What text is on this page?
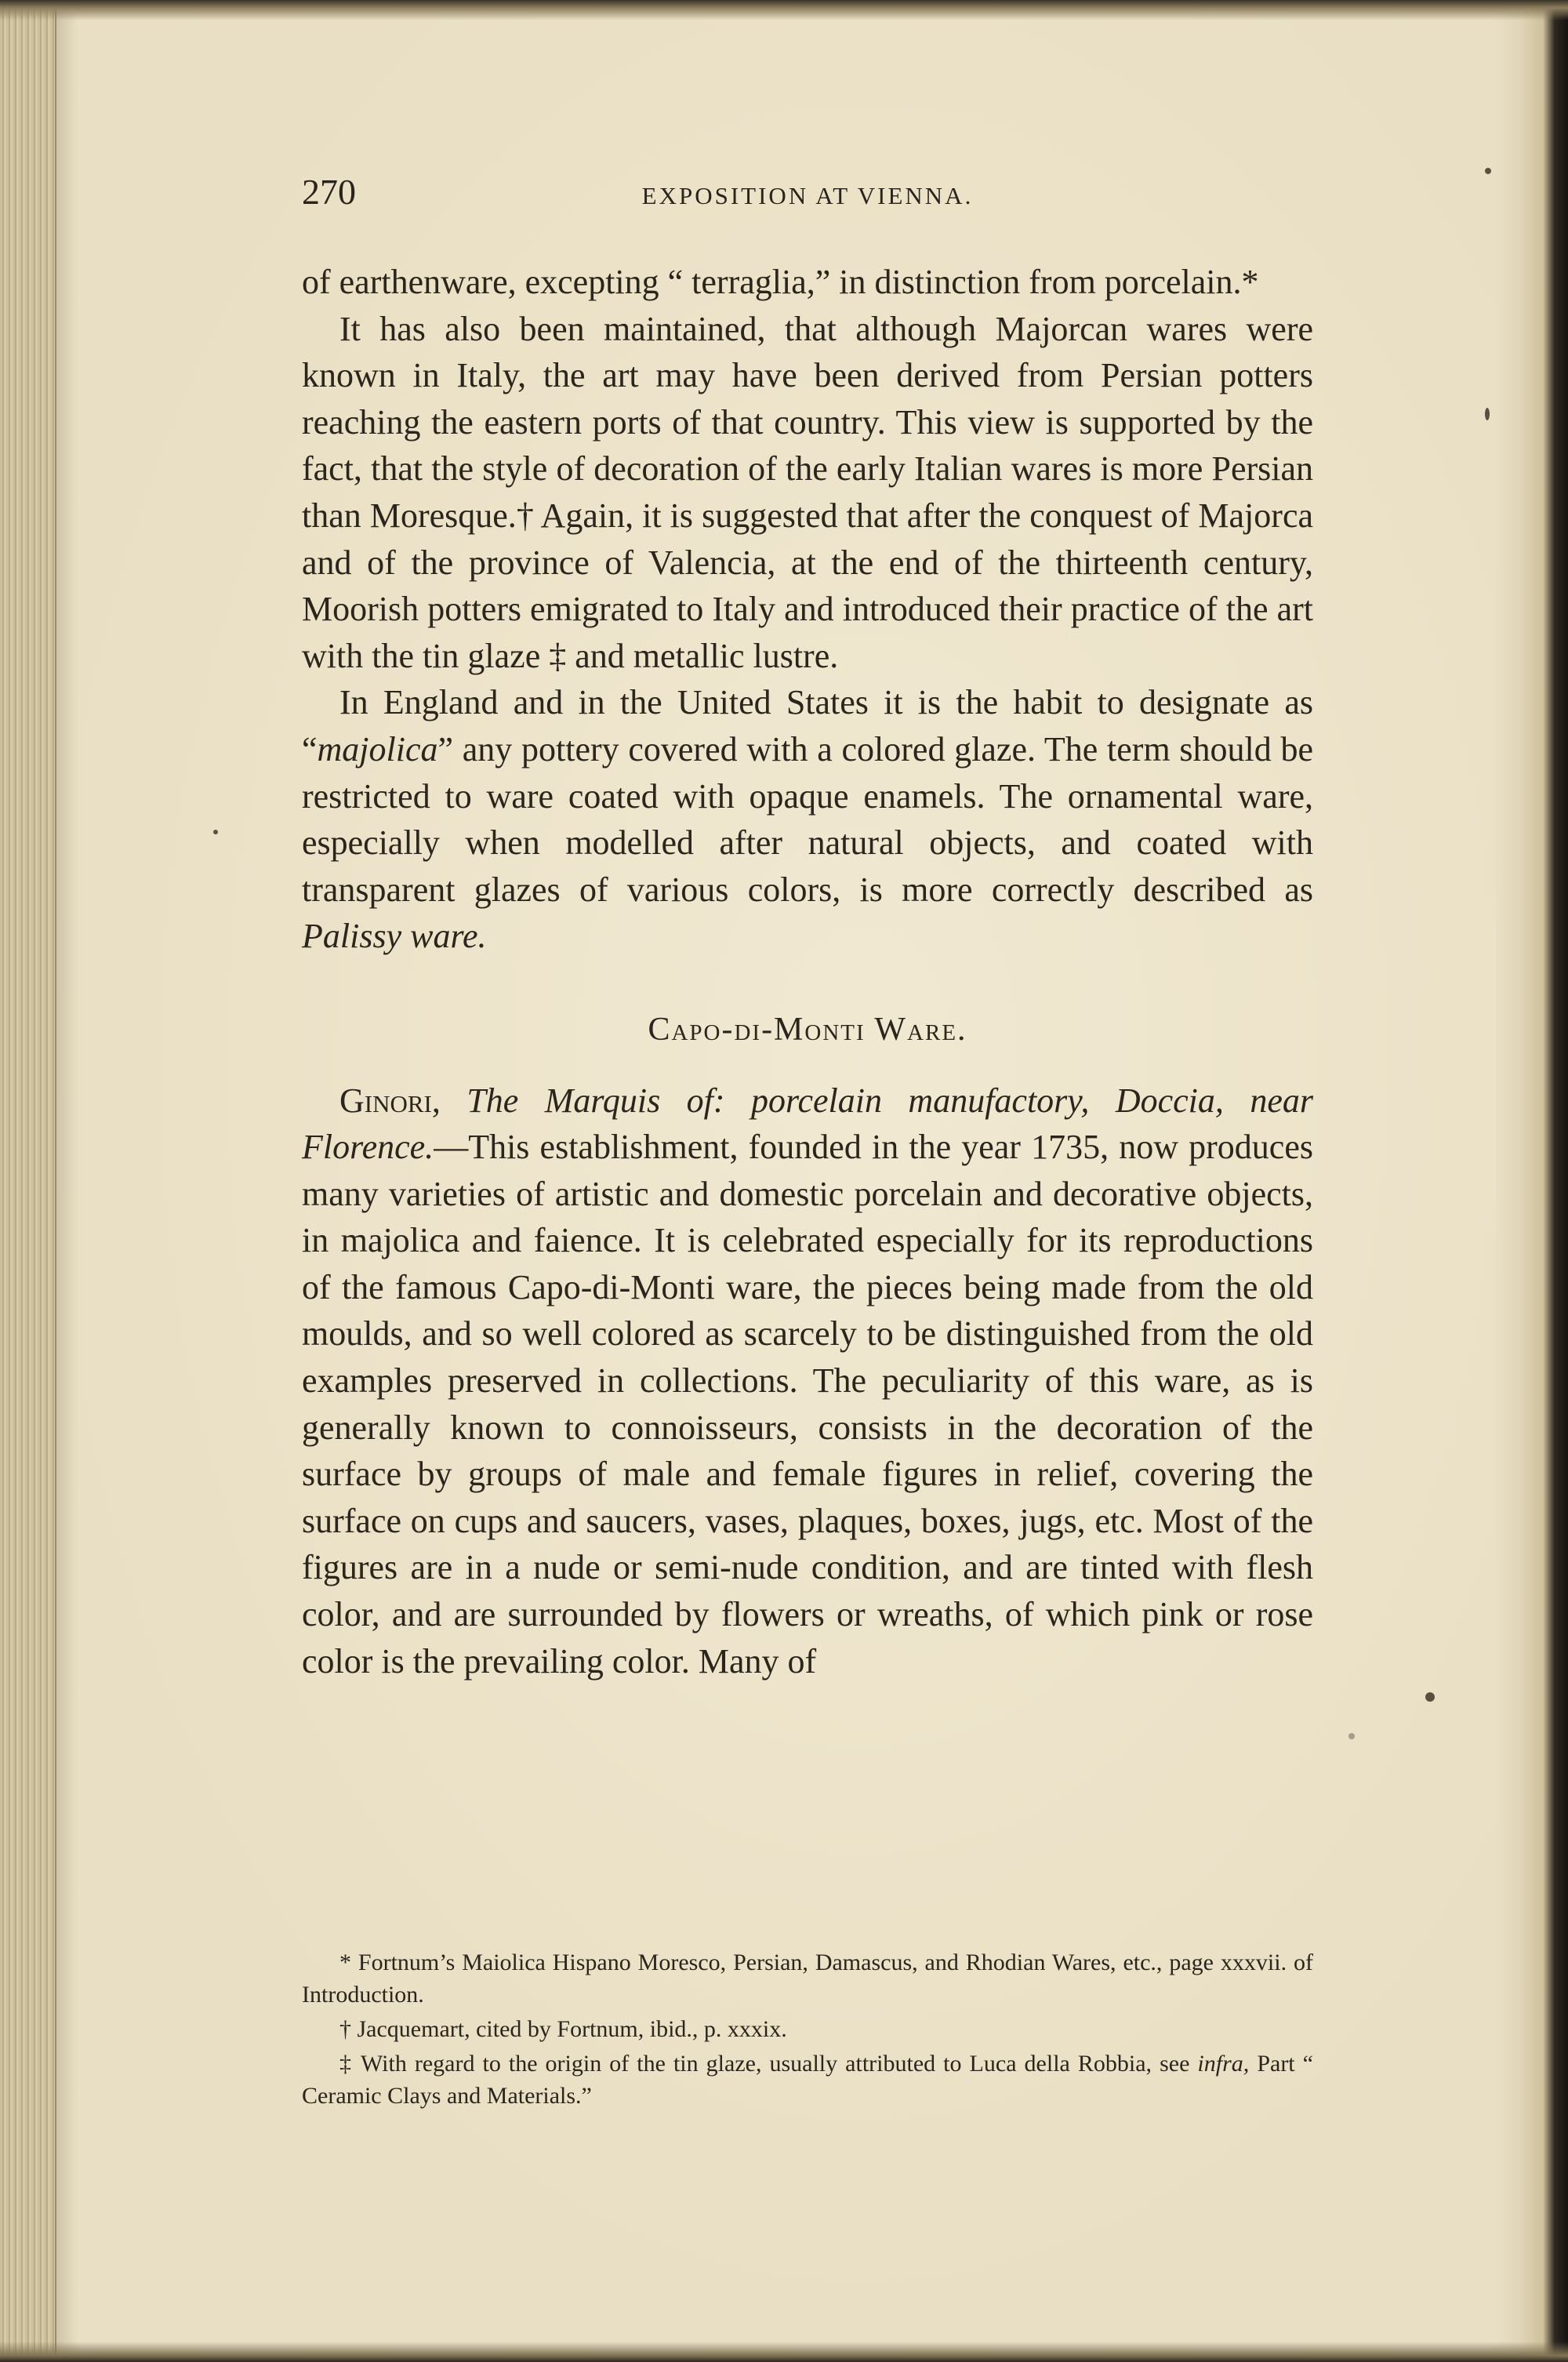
270	EXPOSITION AT VIENNA.

of earthenware, excepting “ terraglia,” in distinction from porcelain.*

It has also been maintained, that although Majorcan wares were known in Italy, the art may have been derived from Persian potters reaching the eastern ports of that country. This view is supported by the fact, that the style of decoration of the early Italian wares is more Persian than Moresque.† Again, it is suggested that after the conquest of Majorca and of the province of Valencia, at the end of the thirteenth century, Moorish potters emigrated to Italy and introduced their practice of the art with the tin glaze ‡ and metallic lustre.

In England and in the United States it is the habit to designate as “majolica” any pottery covered with a colored glaze. The term should be restricted to ware coated with opaque enamels. The ornamental ware, especially when modelled after natural objects, and coated with transparent glazes of various colors, is more correctly described as Palissy ware.

Capo-di-Monti Ware.

Ginori, The Marquis of: porcelain manufactory, Doccia, near Florence.—This establishment, founded in the year 1735, now produces many varieties of artistic and domestic porcelain and decorative objects, in majolica and faience. It is celebrated especially for its reproductions of the famous Capo-di-Monti ware, the pieces being made from the old moulds, and so well colored as scarcely to be distinguished from the old examples preserved in collections. The peculiarity of this ware, as is generally known to connoisseurs, consists in the decoration of the surface by groups of male and female figures in relief, covering the surface on cups and saucers, vases, plaques, boxes, jugs, etc. Most of the figures are in a nude or semi-nude condition, and are tinted with flesh color, and are surrounded by flowers or wreaths, of which pink or rose color is the prevailing color. Many of

* Fortnum’s Maiolica Hispano Moresco, Persian, Damascus, and Rhodian Wares, etc., page xxxvii. of Introduction.

† Jacquemart, cited by Fortnum, ibid., p. xxxix.

‡ With regard to the origin of the tin glaze, usually attributed to Luca della Robbia, see infra, Part “ Ceramic Clays and Materials.”
